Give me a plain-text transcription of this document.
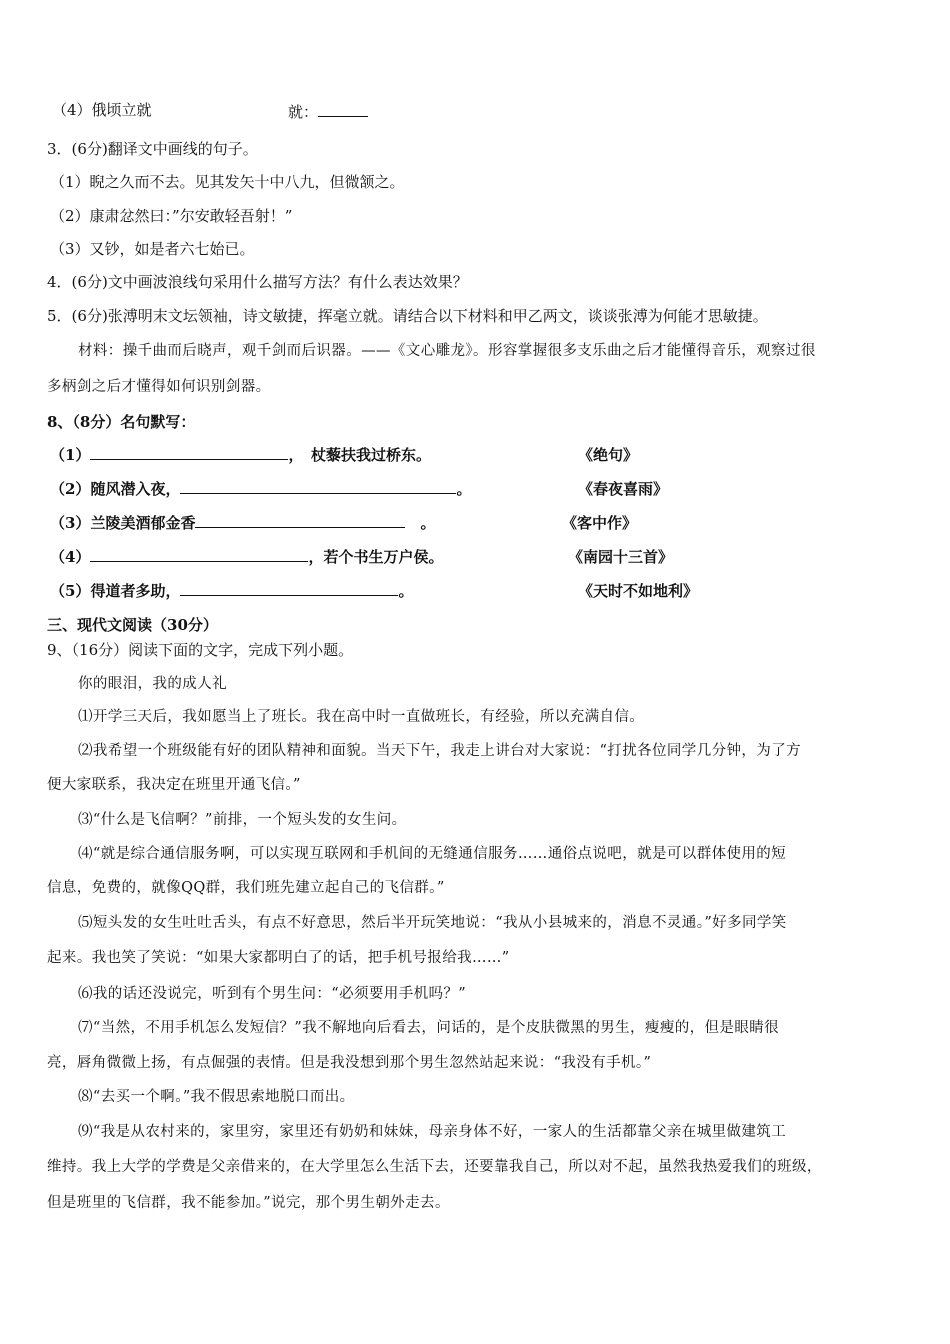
（4）俄顷立就	就：
3．(6分)翻译文中画线的句子。
（1）睨之久而不去。见其发矢十中八九，但微颔之。
（2）康肃忿然曰：”尔安敢轻吾射！”
（3）又钞，如是者六七始已。
4．(6分)文中画波浪线句采用什么描写方法？有什么表达效果？
5．(6分)张溥明末文坛领袖，诗文敏捷，挥毫立就。请结合以下材料和甲乙两文，谈谈张溥为何能才思敏捷。
材料：操千曲而后晓声，观千剑而后识器。——《文心雕龙》。形容掌握很多支乐曲之后才能懂得音乐，观察过很
多柄剑之后才懂得如何识别剑器。
8、（8分）名句默写：
（1）	，　杖藜扶我过桥东。	《绝句》
（2）随风潜入夜，	。	《春夜喜雨》
（3）兰陵美酒郁金香	　。	《客中作》
（4）	，若个书生万户侯。	《南园十三首》
（5）得道者多助，	。	《天时不如地利》
三、现代文阅读（30分）
9、（16分）阅读下面的文字，完成下列小题。
你的眼泪，我的成人礼
⑴开学三天后，我如愿当上了班长。我在高中时一直做班长，有经验，所以充满自信。
⑵我希望一个班级能有好的团队精神和面貌。当天下午，我走上讲台对大家说：“打扰各位同学几分钟，为了方
便大家联系，我决定在班里开通飞信。”
⑶“什么是飞信啊？”前排，一个短头发的女生问。
⑷“就是综合通信服务啊，可以实现互联网和手机间的无缝通信服务……通俗点说吧，就是可以群体使用的短
信息，免费的，就像QQ群，我们班先建立起自己的飞信群。”
⑸短头发的女生吐吐舌头，有点不好意思，然后半开玩笑地说：“我从小县城来的，消息不灵通。”好多同学笑
起来。我也笑了笑说：“如果大家都明白了的话，把手机号报给我……”
⑹我的话还没说完，听到有个男生问：“必须要用手机吗？”
⑺“当然，不用手机怎么发短信？”我不解地向后看去，问话的，是个皮肤微黑的男生，瘦瘦的，但是眼睛很
亮，唇角微微上扬，有点倔强的表情。但是我没想到那个男生忽然站起来说：“我没有手机。”
⑻“去买一个啊。”我不假思索地脱口而出。
⑼“我是从农村来的，家里穷，家里还有奶奶和妹妹，母亲身体不好，一家人的生活都靠父亲在城里做建筑工
维持。我上大学的学费是父亲借来的，在大学里怎么生活下去，还要靠我自己，所以对不起，虽然我热爱我们的班级，
但是班里的飞信群，我不能参加。”说完，那个男生朝外走去。
